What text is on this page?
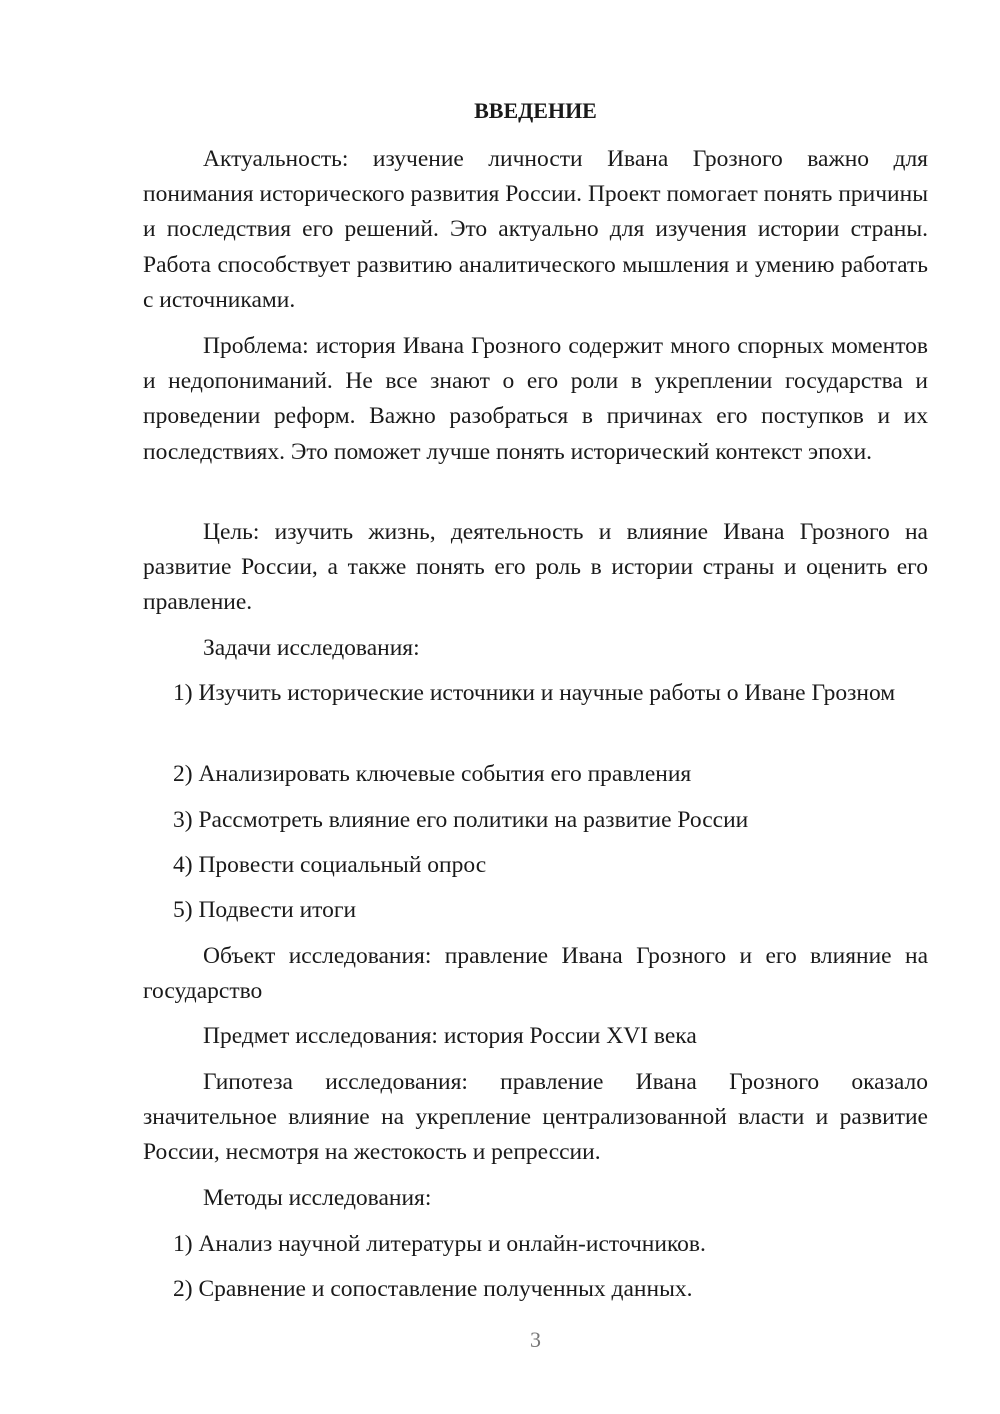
ВВЕДЕНИЕ

Актуальность: изучение личности Ивана Грозного важно для понимания исторического развития России. Проект помогает понять причины и последствия его решений. Это актуально для изучения истории страны. Работа способствует развитию аналитического мышления и умению работать с источниками.

Проблема: история Ивана Грозного содержит много спорных моментов и недопониманий. Не все знают о его роли в укреплении государства и проведении реформ. Важно разобраться в причинах его поступков и их последствиях. Это поможет лучше понять исторический контекст эпохи.

Цель: изучить жизнь, деятельность и влияние Ивана Грозного на развитие России, а также понять его роль в истории страны и оценить его правление.

Задачи исследования:

1) Изучить исторические источники и научные работы о Иване Грозном

2) Анализировать ключевые события его правления

3) Рассмотреть влияние его политики на развитие России

4) Провести социальный опрос

5) Подвести итоги

Объект исследования: правление Ивана Грозного и его влияние на государство

Предмет исследования: история России XVI века

Гипотеза исследования: правление Ивана Грозного оказало значительное влияние на укрепление централизованной власти и развитие России, несмотря на жестокость и репрессии.

Методы исследования:

1) Анализ научной литературы и онлайн-источников.

2) Сравнение и сопоставление полученных данных.

3
